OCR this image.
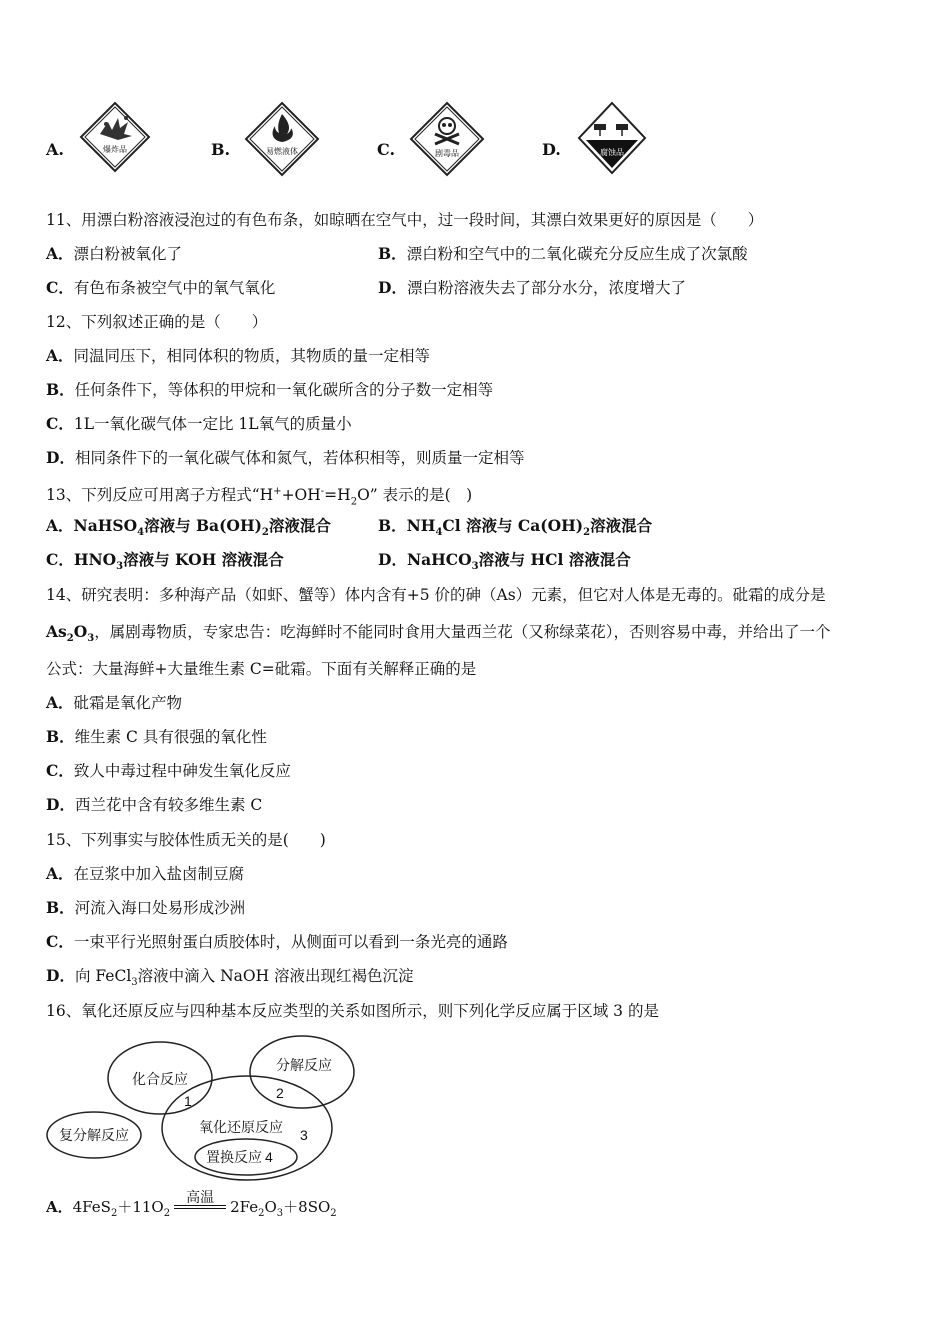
A.	爆炸品	B.	易燃液体	C.	剧毒品	D.	腐蚀品
11、用漂白粉溶液浸泡过的有色布条，如晾晒在空气中，过一段时间，其漂白效果更好的原因是（　　）
A．漂白粉被氧化了	B．漂白粉和空气中的二氧化碳充分反应生成了次氯酸
C．有色布条被空气中的氧气氧化	D．漂白粉溶液失去了部分水分，浓度增大了
12、下列叙述正确的是（　　）
A．同温同压下，相同体积的物质，其物质的量一定相等
B．任何条件下，等体积的甲烷和一氧化碳所含的分子数一定相等
C．1L一氧化碳气体一定比 1L氧气的质量小
D．相同条件下的一氧化碳气体和氮气，若体积相等，则质量一定相等
13、下列反应可用离子方程式“$H^++OH^-=H_2O$” 表示的是(　)
A．NaHSO$_4$溶液与 $Ba(OH)_2$溶液混合	B．$NH_4Cl$ 溶液与 $Ca(OH)_2$溶液混合
C．$HNO_3$溶液与 KOH 溶液混合	D．NaHCO$_3$溶液与 HCl 溶液混合
14、研究表明：多种海产品（如虾、蟹等）体内含有+5 价的砷（As）元素，但它对人体是无毒的。砒霜的成分是
$As_2O_3$，属剧毒物质，专家忠告：吃海鲜时不能同时食用大量西兰花（又称绿菜花），否则容易中毒，并给出了一个
公式：大量海鲜+大量维生素 C=砒霜。下面有关解释正确的是
A．砒霜是氧化产物
B．维生素 C 具有很强的氧化性
C．致人中毒过程中砷发生氧化反应
D．西兰花中含有较多维生素 C
15、下列事实与胶体性质无关的是(　　)
A．在豆浆中加入盐卤制豆腐
B．河流入海口处易形成沙洲
C．一束平行光照射蛋白质胶体时，从侧面可以看到一条光亮的通路
D．向 FeCl$_3$溶液中滴入 NaOH 溶液出现红褐色沉淀
16、氧化还原反应与四种基本反应类型的关系如图所示，则下列化学反应属于区域 3 的是
化合反应
分解反应
复分解反应	氧化还原反应
置换反应
1	2
3
4
A．$4FeS_2+11O_2$
高温	$2Fe_2O_3+8SO_2$
